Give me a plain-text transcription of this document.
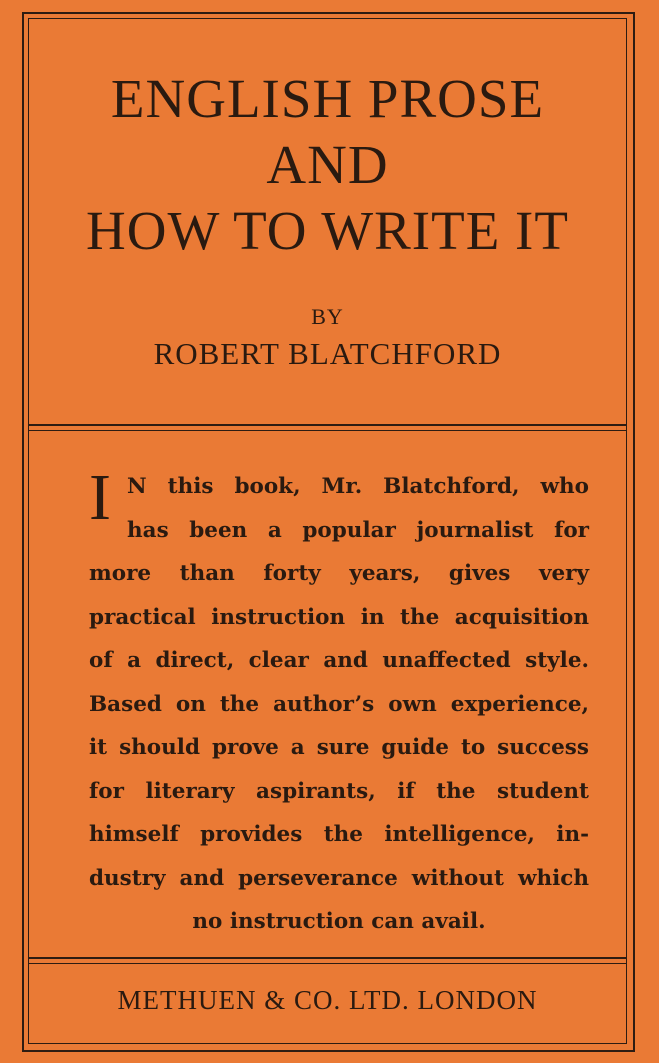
ENGLISH PROSE
AND
HOW TO WRITE IT
BY
ROBERT BLATCHFORD
I N this book, Mr. Blatchford, who
has been a popular journalist for
more than forty years, gives very
practical instruction in the acquisition
of a direct, clear and unaffected style.
Based on the author’s own experience,
it should prove a sure guide to success
for literary aspirants, if the student
himself provides the intelligence, in-
dustry and perseverance without which
no instruction can avail.
METHUEN & CO. LTD. LONDON
